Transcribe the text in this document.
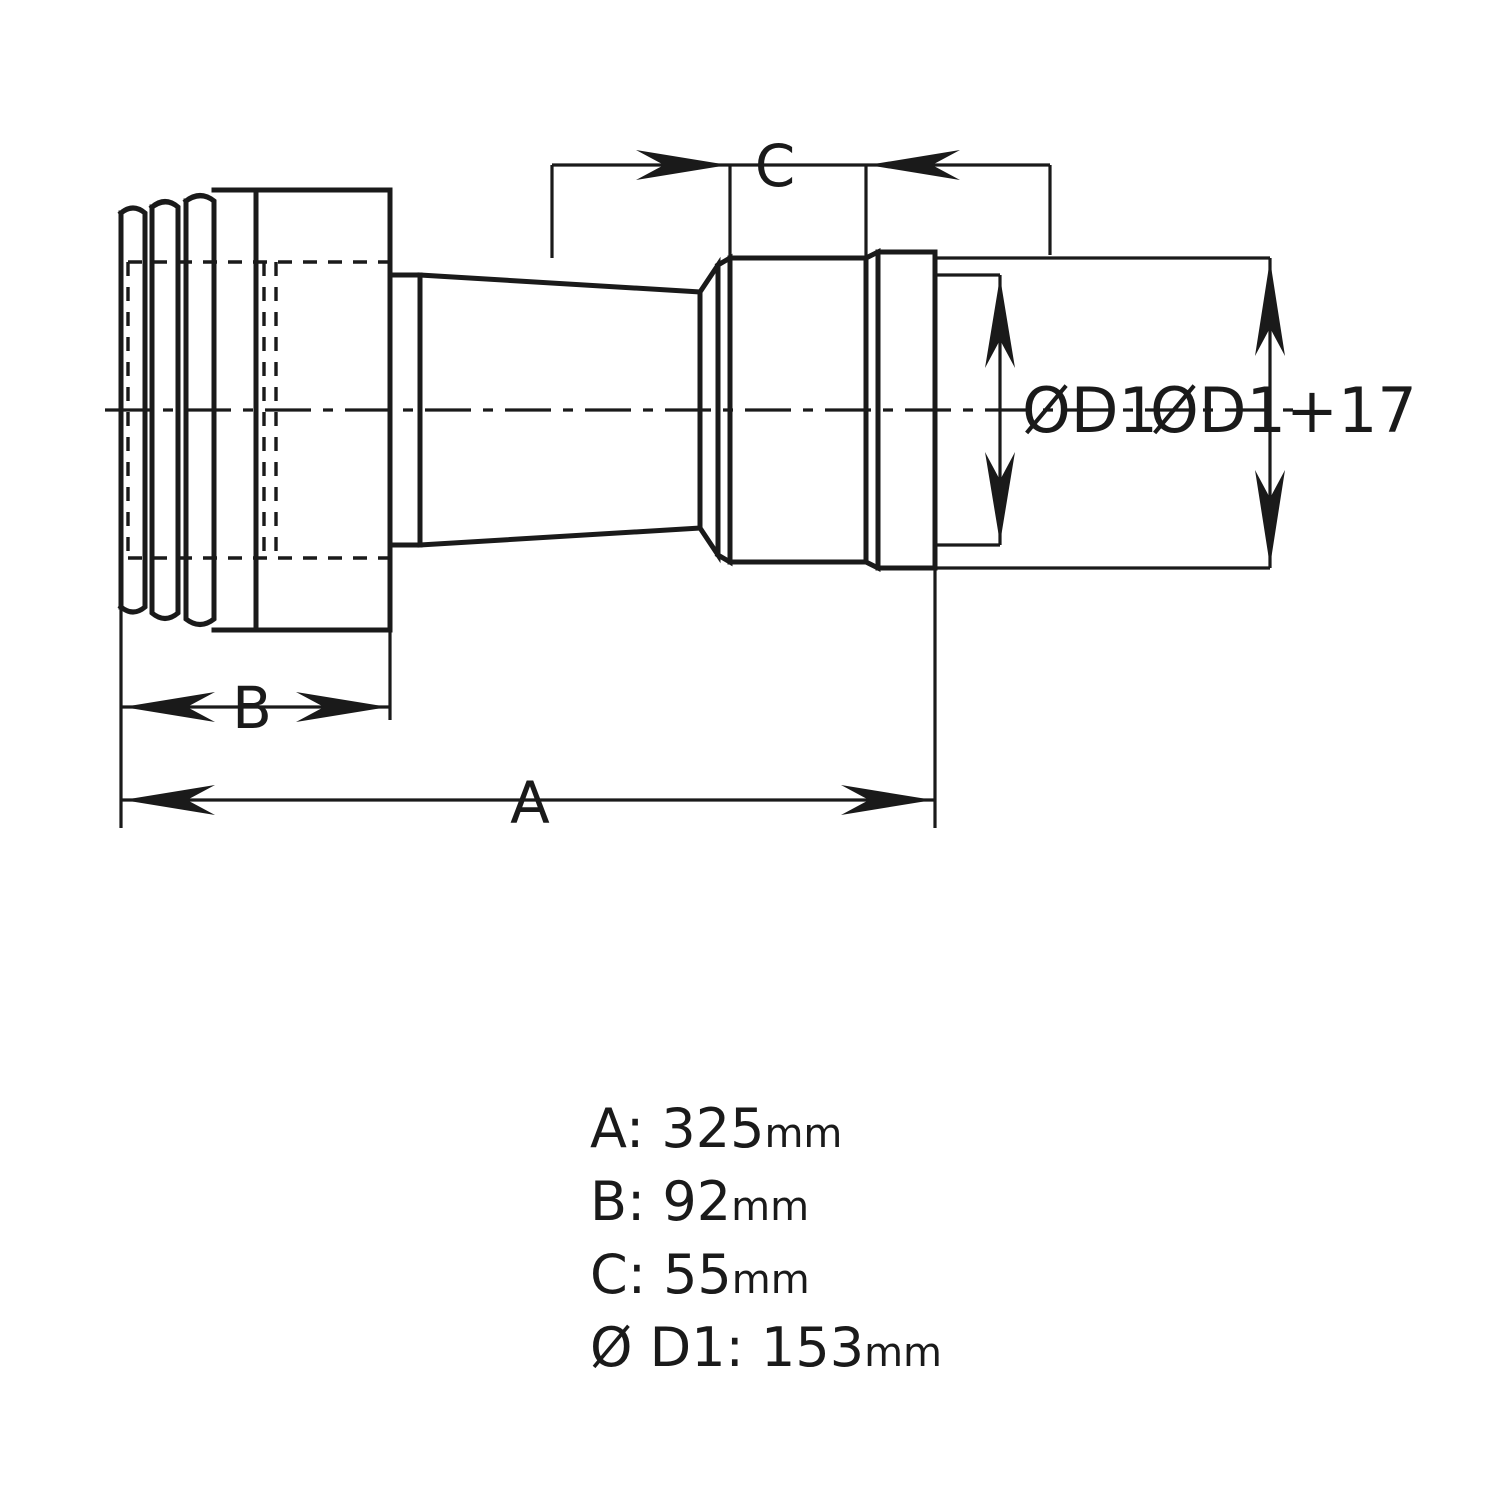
C
ØD1
ØD1+17
B
A
A: 325mm
B: 92mm
C: 55mm
Ø D1: 153mm
